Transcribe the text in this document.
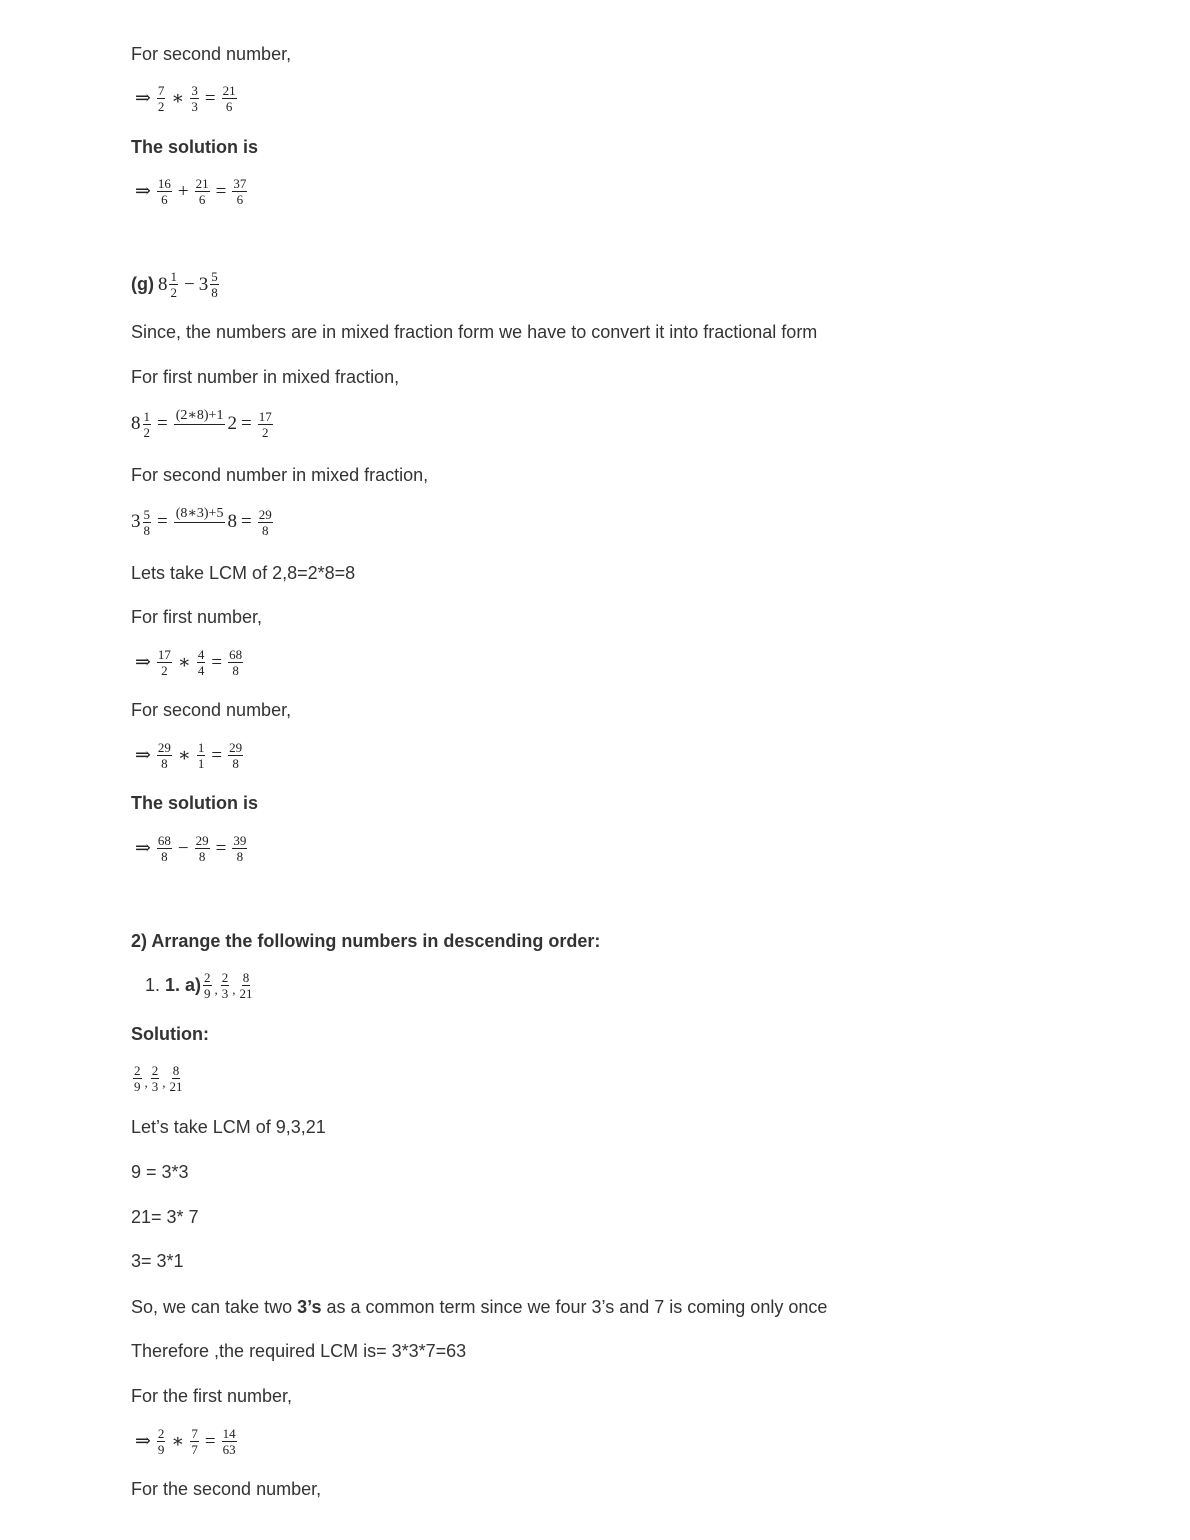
For second number,
⇒ $\frac{7}{2}$ ∗ $\frac{3}{3} = \frac{21}{6}$
The solution is
⇒ $\frac{16}{6} + \frac{21}{6} = \frac{37}{6}$
(g) $8 \frac{1}{2} - 3 \frac{5}{8}$
Since, the numbers are in mixed fraction form we have to convert it into fractional form
For first number in mixed fraction,
$8 \frac{1}{2}$ = (2∗8)+1
$2 = \frac{17}{2}$
For second number in mixed fraction,
$3 \frac{5}{8}$ = (8∗3)+5
$8 = \frac{29}{8}$
Lets take LCM of 2,8=2*8=8
For first number,
⇒ $\frac{17}{2}$ ∗ $\frac{4}{4} = \frac{68}{8}$
For second number,
⇒ $\frac{29}{8}$ ∗ $\frac{1}{1} = \frac{29}{8}$
The solution is
⇒ $\frac{68}{8} - \frac{29}{8} = \frac{39}{8}$
2) Arrange the following numbers in descending order:
1. 1. $a) \frac{2}{9}$ , $\frac{2}{3}$ , $\frac{8}{21}$
Solution:
$\frac{2}{9}$ , $\frac{2}{3}$ , $\frac{8}{21}$
Let’s take LCM of 9,3,21
9 = 3*3
21= 3* 7
3= 3*1
So, we can take two 3’s as a common term since we four 3’s and 7 is coming only once
Therefore ,the required LCM is= 3*3*7=63
For the first number,
⇒ $\frac{2}{9}$ ∗ $\frac{7}{7} = \frac{14}{63}$
For the second number,
